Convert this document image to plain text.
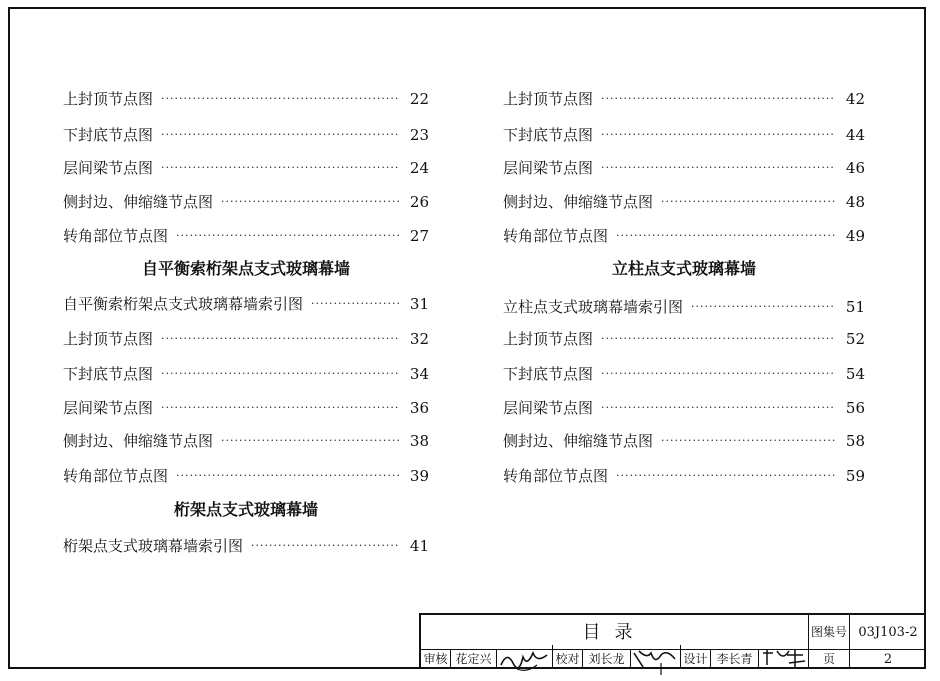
上封顶节点图 ·····	22
下封底节点图 ·····	23
层间梁节点图 ·····	24
侧封边、伸缩缝节点图 ·····	26
转角部位节点图 ·····	27
自平衡索桁架点支式玻璃幕墙
自平衡索桁架点支式玻璃幕墙索引图 ·····	31
上封顶节点图 ·····	32
下封底节点图 ·····	34
层间梁节点图 ·····	36
侧封边、伸缩缝节点图 ·····	38
转角部位节点图 ·····	39
桁架点支式玻璃幕墙
桁架点支式玻璃幕墙索引图 ·····	41
上封顶节点图 ·····	42
下封底节点图 ·····	44
层间梁节点图 ·····	46
侧封边、伸缩缝节点图 ·····	48
转角部位节点图 ·····	49
立柱点支式玻璃幕墙
立柱点支式玻璃幕墙索引图 ·····	51
上封顶节点图 ·····	52
下封底节点图 ·····	54
层间梁节点图 ·····	56
侧封边、伸缩缝节点图 ·····	58
转角部位节点图 ·····	59
目录	图集号 03J103-2
审核 花定兴	校对 刘长龙	设计 李长青	页	2
